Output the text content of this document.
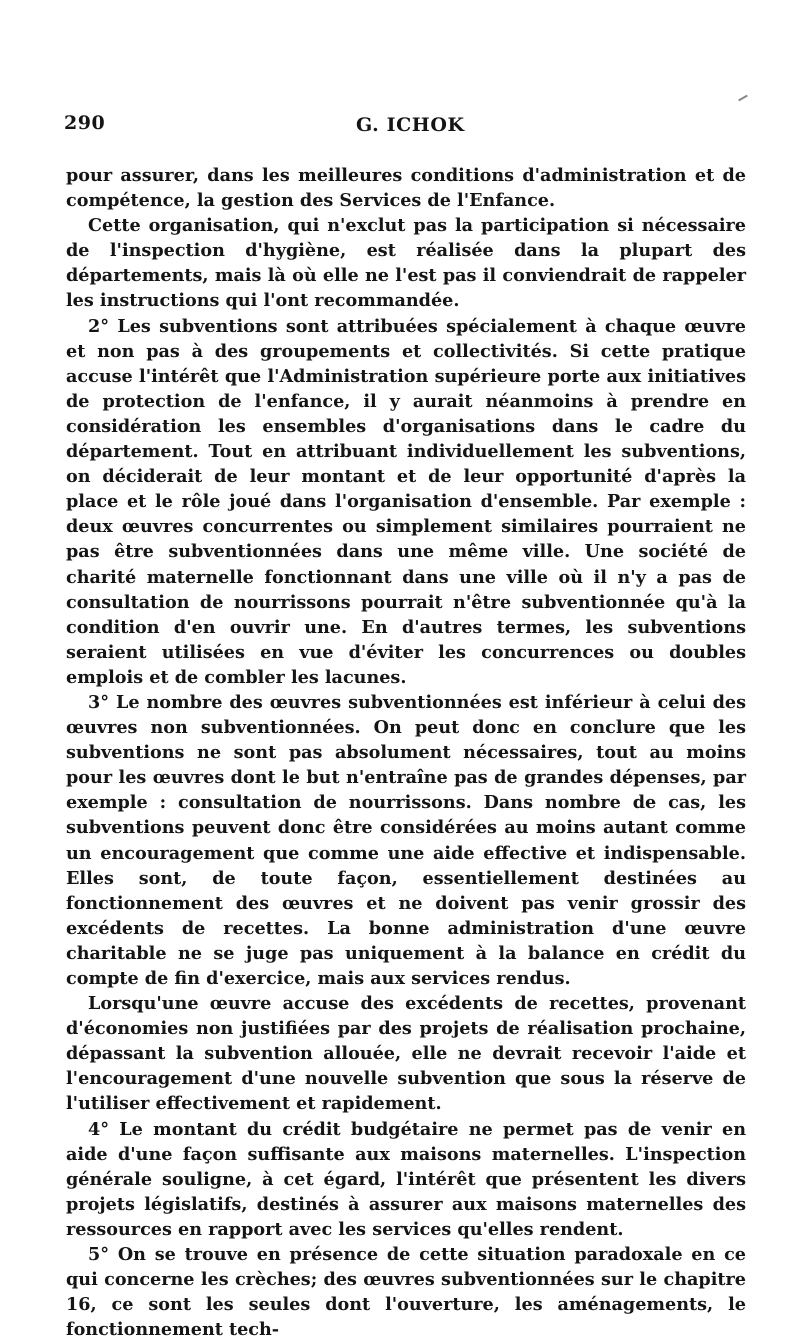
290	G. ICHOK

pour assurer, dans les meilleures conditions d'administration et de compétence, la gestion des Services de l'Enfance.

Cette organisation, qui n'exclut pas la participation si nécessaire de l'inspection d'hygiène, est réalisée dans la plupart des départements, mais là où elle ne l'est pas il conviendrait de rappeler les instructions qui l'ont recommandée.

2° Les subventions sont attribuées spécialement à chaque œuvre et non pas à des groupements et collectivités. Si cette pratique accuse l'intérêt que l'Administration supérieure porte aux initiatives de protection de l'enfance, il y aurait néanmoins à prendre en considération les ensembles d'organisations dans le cadre du département. Tout en attribuant individuellement les subventions, on déciderait de leur montant et de leur opportunité d'après la place et le rôle joué dans l'organisation d'ensemble. Par exemple : deux œuvres concurrentes ou simplement similaires pourraient ne pas être subventionnées dans une même ville. Une société de charité maternelle fonctionnant dans une ville où il n'y a pas de consultation de nourrissons pourrait n'être subventionnée qu'à la condition d'en ouvrir une. En d'autres termes, les subventions seraient utilisées en vue d'éviter les concurrences ou doubles emplois et de combler les lacunes.

3° Le nombre des œuvres subventionnées est inférieur à celui des œuvres non subventionnées. On peut donc en conclure que les subventions ne sont pas absolument nécessaires, tout au moins pour les œuvres dont le but n'entraîne pas de grandes dépenses, par exemple : consultation de nourrissons. Dans nombre de cas, les subventions peuvent donc être considérées au moins autant comme un encouragement que comme une aide effective et indispensable. Elles sont, de toute façon, essentiellement destinées au fonctionnement des œuvres et ne doivent pas venir grossir des excédents de recettes. La bonne administration d'une œuvre charitable ne se juge pas uniquement à la balance en crédit du compte de fin d'exercice, mais aux services rendus.

Lorsqu'une œuvre accuse des excédents de recettes, provenant d'économies non justifiées par des projets de réalisation prochaine, dépassant la subvention allouée, elle ne devrait recevoir l'aide et l'encouragement d'une nouvelle subvention que sous la réserve de l'utiliser effectivement et rapidement.

4° Le montant du crédit budgétaire ne permet pas de venir en aide d'une façon suffisante aux maisons maternelles. L'inspection générale souligne, à cet égard, l'intérêt que présentent les divers projets législatifs, destinés à assurer aux maisons maternelles des ressources en rapport avec les services qu'elles rendent.

5° On se trouve en présence de cette situation paradoxale en ce qui concerne les crèches; des œuvres subventionnées sur le chapitre 16, ce sont les seules dont l'ouverture, les aménagements, le fonctionnement tech-
